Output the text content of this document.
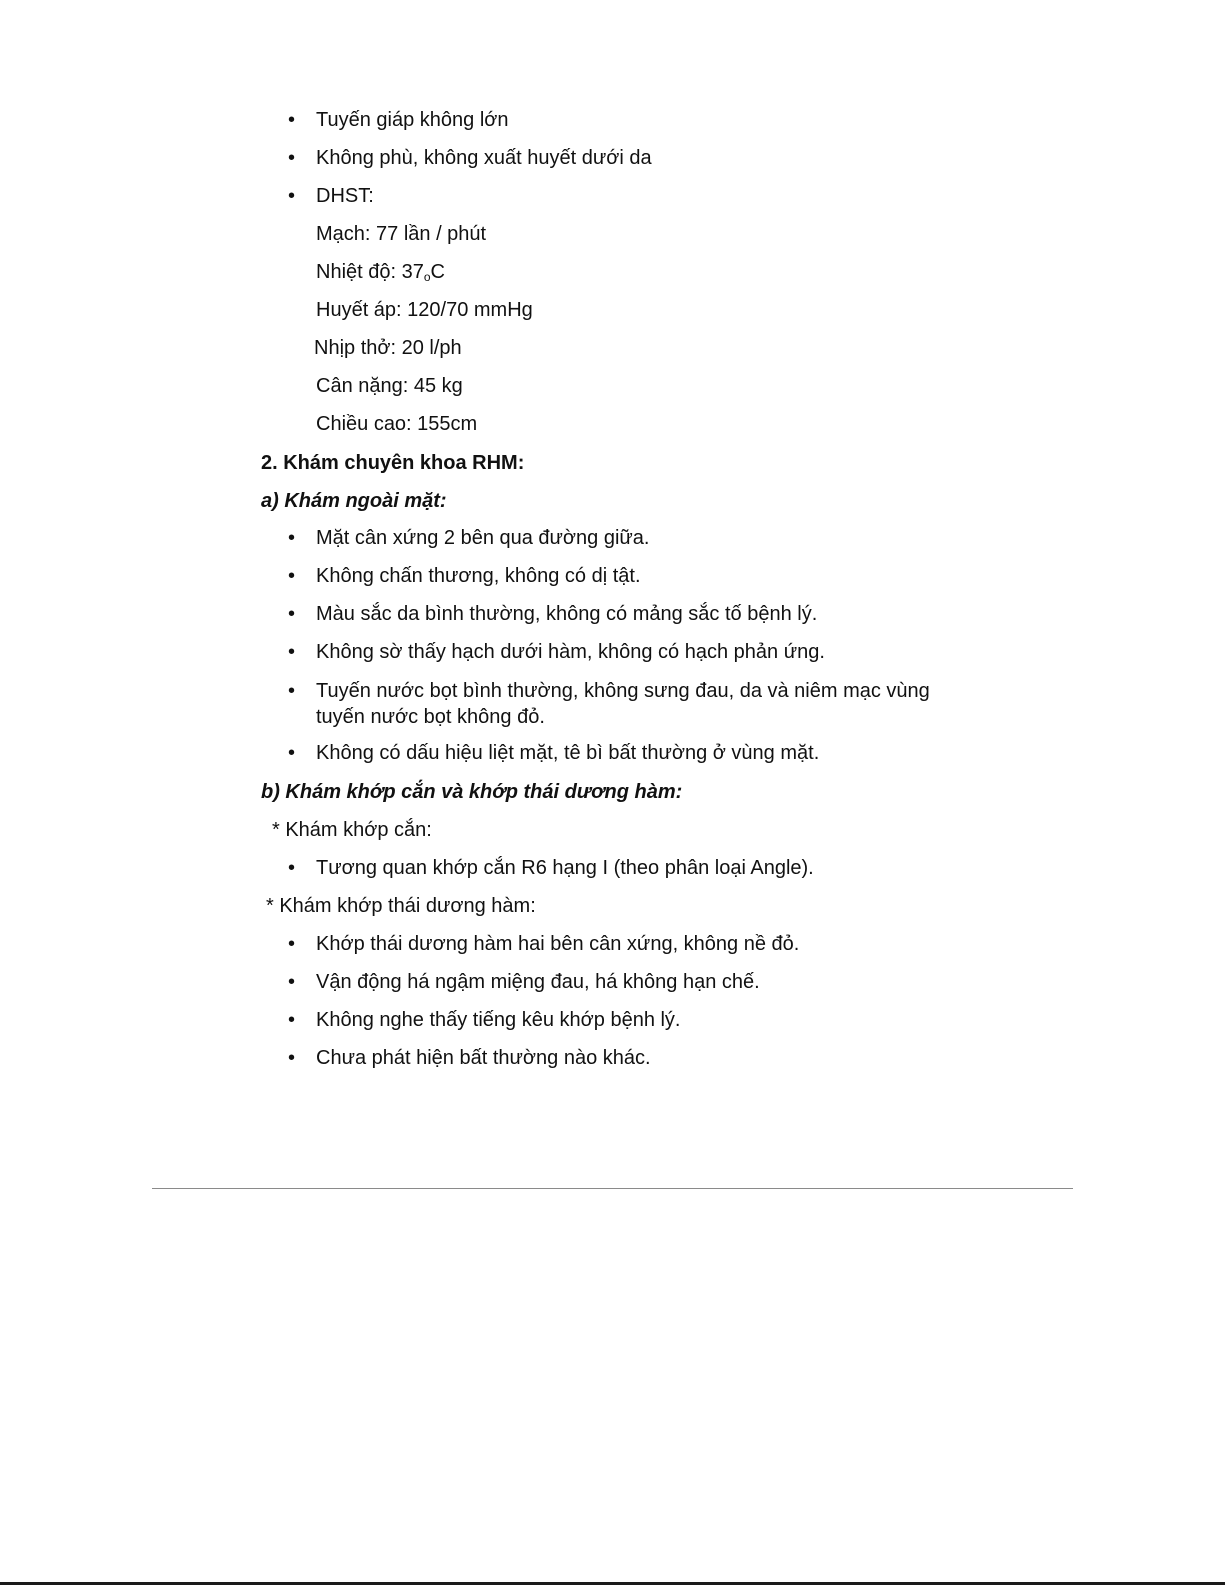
• Tuyến giáp không lớn
• Không phù, không xuất huyết dưới da
• DHST:
Mạch: 77 lần / phút
Nhiệt độ: $37_oC$
Huyết áp: 120/70 mmHg
Nhịp thở: 20 l/ph
Cân nặng: 45 kg
Chiều cao: 155cm
2. Khám chuyên khoa RHM:
a) Khám ngoài mặt:
• Mặt cân xứng 2 bên qua đường giữa.
• Không chấn thương, không có dị tật.
• Màu sắc da bình thường, không có mảng sắc tố bệnh lý.
• Không sờ thấy hạch dưới hàm, không có hạch phản ứng.
• Tuyến nước bọt bình thường, không sưng đau, da và niêm mạc vùng
tuyến nước bọt không đỏ.
• Không có dấu hiệu liệt mặt, tê bì bất thường ở vùng mặt.
b) Khám khớp cắn và khớp thái dương hàm:
* Khám khớp cắn:
• Tương quan khớp cắn R6 hạng I (theo phân loại Angle).
* Khám khớp thái dương hàm:
• Khớp thái dương hàm hai bên cân xứng, không nề đỏ.
• Vận động há ngậm miệng đau, há không hạn chế.
• Không nghe thấy tiếng kêu khớp bệnh lý.
• Chưa phát hiện bất thường nào khác.
